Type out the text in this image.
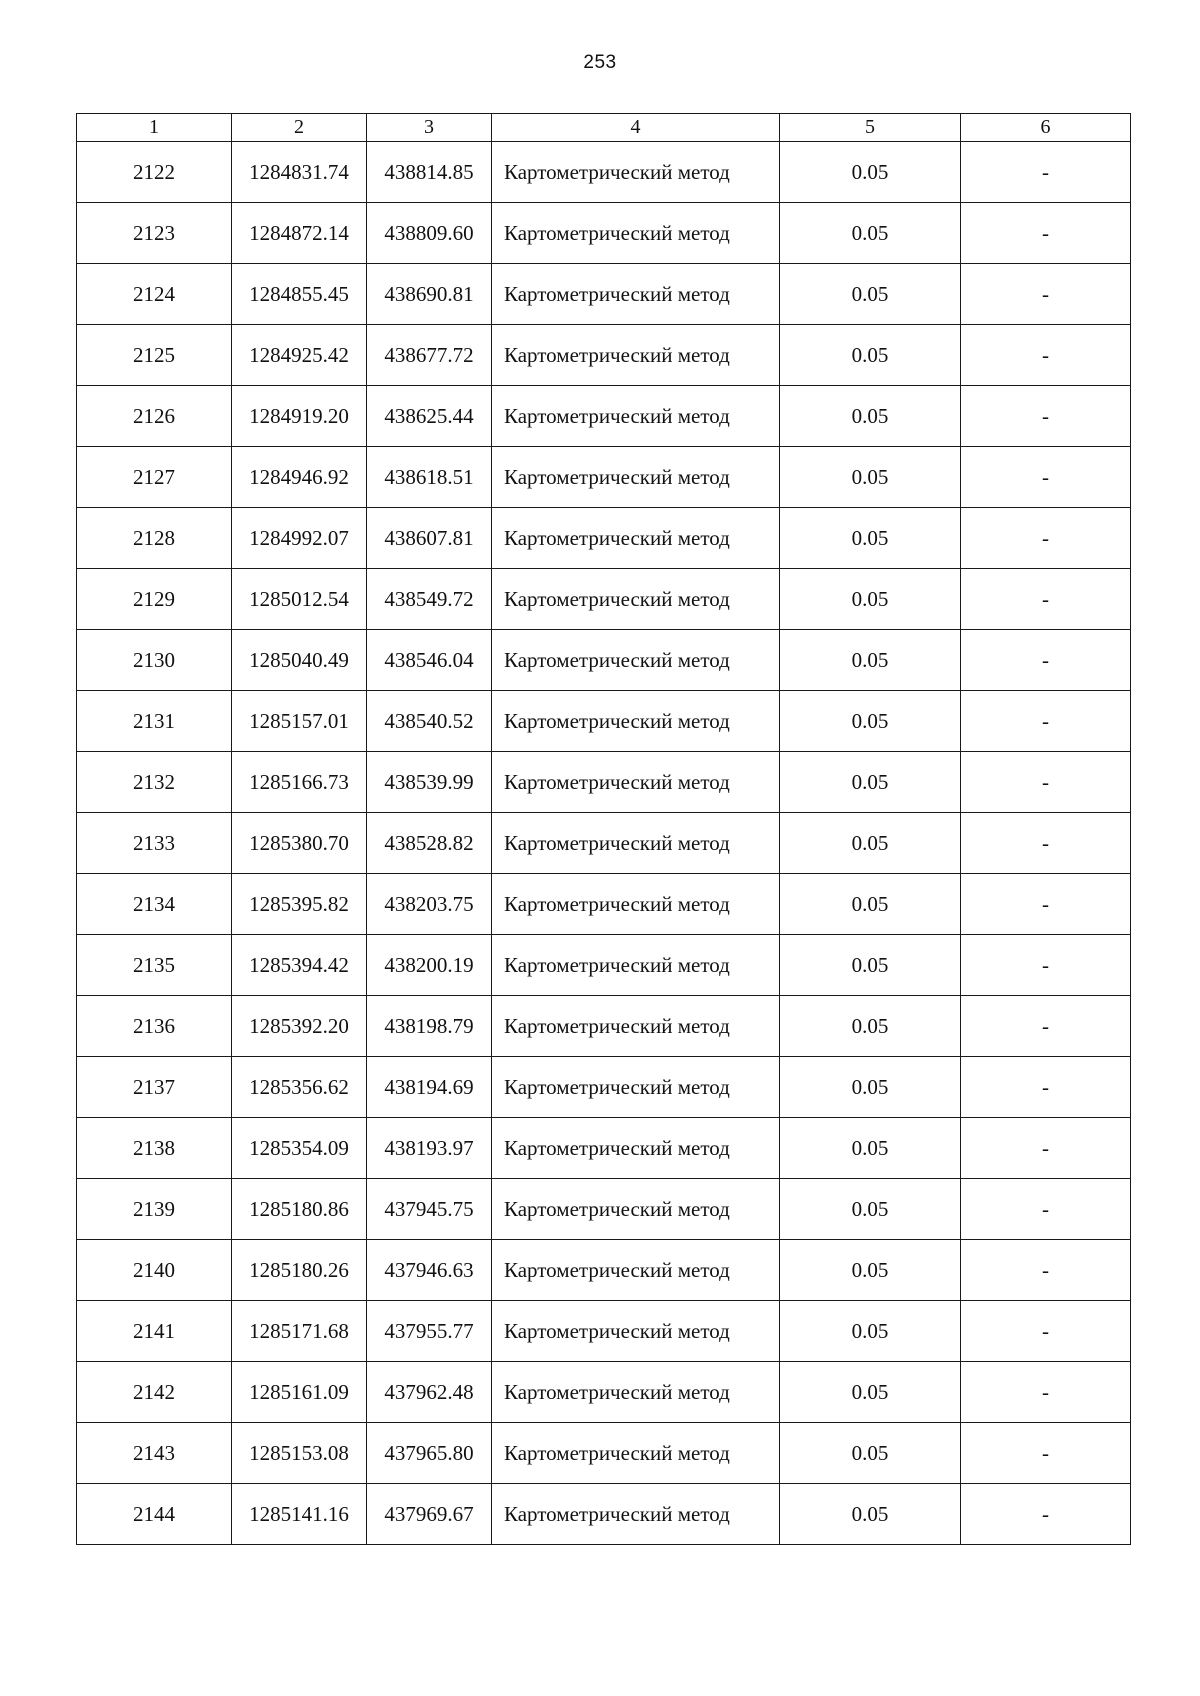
253
1	2	3	4	5	6
2122	1284831.74	438814.85	Картометрический метод	0.05	-
2123	1284872.14	438809.60	Картометрический метод	0.05	-
2124	1284855.45	438690.81	Картометрический метод	0.05	-
2125	1284925.42	438677.72	Картометрический метод	0.05	-
2126	1284919.20	438625.44	Картометрический метод	0.05	-
2127	1284946.92	438618.51	Картометрический метод	0.05	-
2128	1284992.07	438607.81	Картометрический метод	0.05	-
2129	1285012.54	438549.72	Картометрический метод	0.05	-
2130	1285040.49	438546.04	Картометрический метод	0.05	-
2131	1285157.01	438540.52	Картометрический метод	0.05	-
2132	1285166.73	438539.99	Картометрический метод	0.05	-
2133	1285380.70	438528.82	Картометрический метод	0.05	-
2134	1285395.82	438203.75	Картометрический метод	0.05	-
2135	1285394.42	438200.19	Картометрический метод	0.05	-
2136	1285392.20	438198.79	Картометрический метод	0.05	-
2137	1285356.62	438194.69	Картометрический метод	0.05	-
2138	1285354.09	438193.97	Картометрический метод	0.05	-
2139	1285180.86	437945.75	Картометрический метод	0.05	-
2140	1285180.26	437946.63	Картометрический метод	0.05	-
2141	1285171.68	437955.77	Картометрический метод	0.05	-
2142	1285161.09	437962.48	Картометрический метод	0.05	-
2143	1285153.08	437965.80	Картометрический метод	0.05	-
2144	1285141.16	437969.67	Картометрический метод	0.05	-
